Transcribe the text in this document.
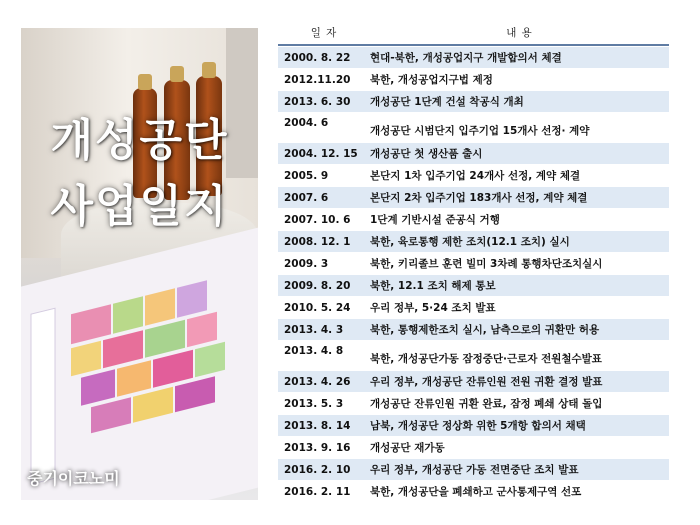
개성공단
사업일지
중기이코노미
일 자	내 용

2000. 8. 22	현대-북한, 개성공업지구 개발합의서 체결
2012.11.20	북한, 개성공업지구법 제정
2013. 6. 30	개성공단 1단계 건설 착공식 개최
2004. 6	개성공단 시범단지 입주기업 15개사 선정· 계약
2004. 12. 15	개성공단 첫 생산품 출시
2005. 9	본단지 1차 입주기업 24개사 선정, 계약 체결
2007. 6	본단지 2차 입주기업 183개사 선정, 계약 체결
2007. 10. 6	1단계 기반시설 준공식 거행
2008. 12. 1	북한, 육로통행 제한 조치(12.1 조치) 실시
2009. 3	북한, 키리졸브 훈련 빌미 3차례 통행차단조치실시
2009. 8. 20	북한, 12.1 조치 해제 통보
2010. 5. 24	우리 정부, 5·24 조치 발표
2013. 4. 3	북한, 통행제한조치 실시, 남측으로의 귀환만 허용
2013. 4. 8	북한, 개성공단가동 잠정중단·근로자 전원철수발표
2013. 4. 26	우리 정부, 개성공단 잔류인원 전원 귀환 결정 발표
2013. 5. 3	개성공단 잔류인원 귀환 완료, 잠정 폐쇄 상태 돌입
2013. 8. 14	남북, 개성공단 정상화 위한 5개항 합의서 채택
2013. 9. 16	개성공단 재가동
2016. 2. 10	우리 정부, 개성공단 가동 전면중단 조치 발표
2016. 2. 11	북한, 개성공단을 폐쇄하고 군사통제구역 선포
